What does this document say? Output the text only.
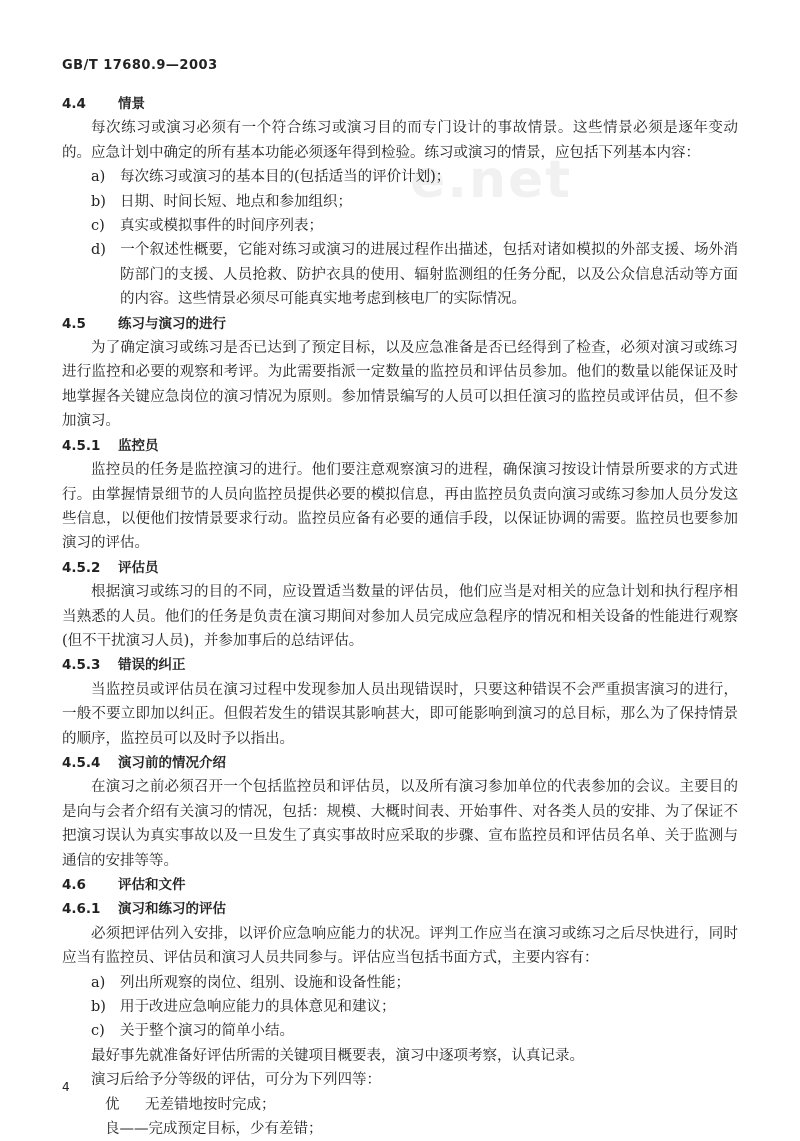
GB/T 17680.9—2003
e.net
4.4 情景

每次练习或演习必须有一个符合练习或演习目的而专门设计的事故情景。这些情景必须是逐年变动的。应急计划中确定的所有基本功能必须逐年得到检验。练习或演习的情景，应包括下列基本内容：

a) 每次练习或演习的基本目的(包括适当的评价计划)；

b) 日期、时间长短、地点和参加组织；

c) 真实或模拟事件的时间序列表；

d) 一个叙述性概要，它能对练习或演习的进展过程作出描述，包括对诸如模拟的外部支援、场外消防部门的支援、人员抢救、防护衣具的使用、辐射监测组的任务分配，以及公众信息活动等方面的内容。这些情景必须尽可能真实地考虑到核电厂的实际情况。

4.5 练习与演习的进行

为了确定演习或练习是否已达到了预定目标，以及应急准备是否已经得到了检查，必须对演习或练习进行监控和必要的观察和考评。为此需要指派一定数量的监控员和评估员参加。他们的数量以能保证及时地掌握各关键应急岗位的演习情况为原则。参加情景编写的人员可以担任演习的监控员或评估员，但不参加演习。

4.5.1 监控员

监控员的任务是监控演习的进行。他们要注意观察演习的进程，确保演习按设计情景所要求的方式进行。由掌握情景细节的人员向监控员提供必要的模拟信息，再由监控员负责向演习或练习参加人员分发这些信息，以便他们按情景要求行动。监控员应备有必要的通信手段，以保证协调的需要。监控员也要参加演习的评估。

4.5.2 评估员

根据演习或练习的目的不同，应设置适当数量的评估员，他们应当是对相关的应急计划和执行程序相当熟悉的人员。他们的任务是负责在演习期间对参加人员完成应急程序的情况和相关设备的性能进行观察(但不干扰演习人员)，并参加事后的总结评估。

4.5.3 错误的纠正

当监控员或评估员在演习过程中发现参加人员出现错误时，只要这种错误不会严重损害演习的进行，一般不要立即加以纠正。但假若发生的错误其影响甚大，即可能影响到演习的总目标，那么为了保持情景的顺序，监控员可以及时予以指出。

4.5.4 演习前的情况介绍

在演习之前必须召开一个包括监控员和评估员，以及所有演习参加单位的代表参加的会议。主要目的是向与会者介绍有关演习的情况，包括：规模、大概时间表、开始事件、对各类人员的安排、为了保证不把演习误认为真实事故以及一旦发生了真实事故时应采取的步骤、宣布监控员和评估员名单、关于监测与通信的安排等等。

4.6 评估和文件
4.6.1 演习和练习的评估

必须把评估列入安排，以评价应急响应能力的状况。评判工作应当在演习或练习之后尽快进行，同时应当有监控员、评估员和演习人员共同参与。评估应当包括书面方式，主要内容有：

a) 列出所观察的岗位、组别、设施和设备性能；

b) 用于改进应急响应能力的具体意见和建议；

c) 关于整个演习的简单小结。

最好事先就准备好评估所需的关键项目概要表，演习中逐项考察，认真记录。

演习后给予分等级的评估，可分为下列四等：

优 无差错地按时完成；

良——完成预定目标，少有差错；

4
